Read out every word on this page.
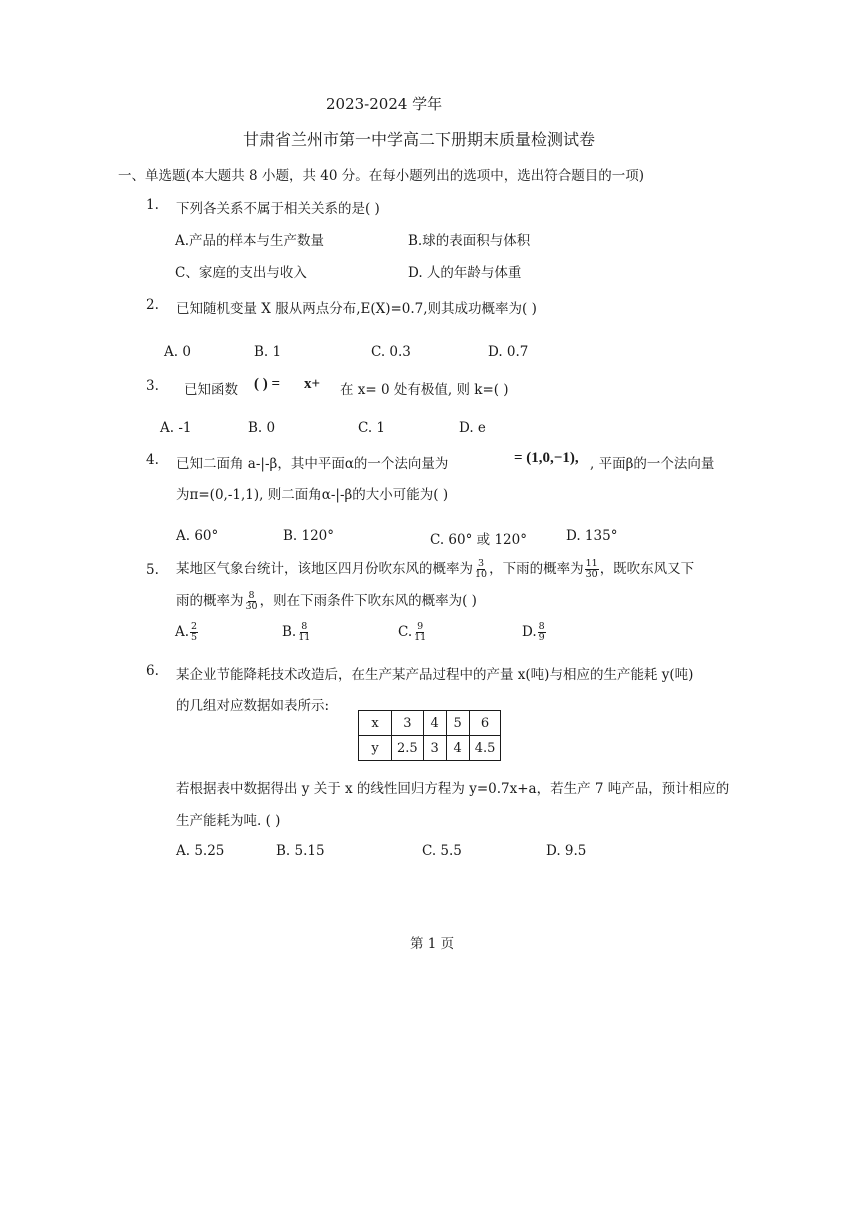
2023-2024 学年
甘肃省兰州市第一中学高二下册期末质量检测试卷
一、单选题(本大题共 8 小题，共 40 分。在每小题列出的选项中，选出符合题目的一项)
1. 下列各关系不属于相关关系的是( )
A.产品的样本与生产数量	B.球的表面积与体积
C、家庭的支出与收入	D. 人的年龄与体重
2. 已知随机变量 X 服从两点分布,E(X)=0.7,则其成功概率为( )
A. 0	B. 1	C. 0.3	D. 0.7
3. 已知函数 ( ) = x+ 在 x= 0 处有极值, 则 k=( )
A. -1	B. 0	C. 1	D. e
4. 已知二面角 a-|-β，其中平面α的一个法向量为	= (1,0,−1), , 平面β的一个法向量
为π=(0,-1,1), 则二面角α-|-β的大小可能为( )
A. 60°	B. 120°	C. 60° 或 120°	D. 135°
5. 某地区气象台统计，该地区四月份吹东风的概率为 $\frac{3}{10}$ ，下雨的概率为 $\frac{11}{30}$ ，既吹东风又下
雨的概率为 $\frac{8}{30}$ ，则在下雨条件下吹东风的概率为( )
A. $\frac{2}{5}$	B. $\frac{8}{11}$	C. $\frac{9}{11}$	D. $\frac{8}{9}$
6. 某企业节能降耗技术改造后，在生产某产品过程中的产量 x(吨)与相应的生产能耗 y(吨)
的几组对应数据如表所示:
x	3	4	5	6
y	2.5	3	4	4.5
若根据表中数据得出 y 关于 x 的线性回归方程为 y=0.7x+a，若生产 7 吨产品，预计相应的
生产能耗为吨. ( )
A. 5.25	B. 5.15	C. 5.5	D. 9.5
第 1 页
